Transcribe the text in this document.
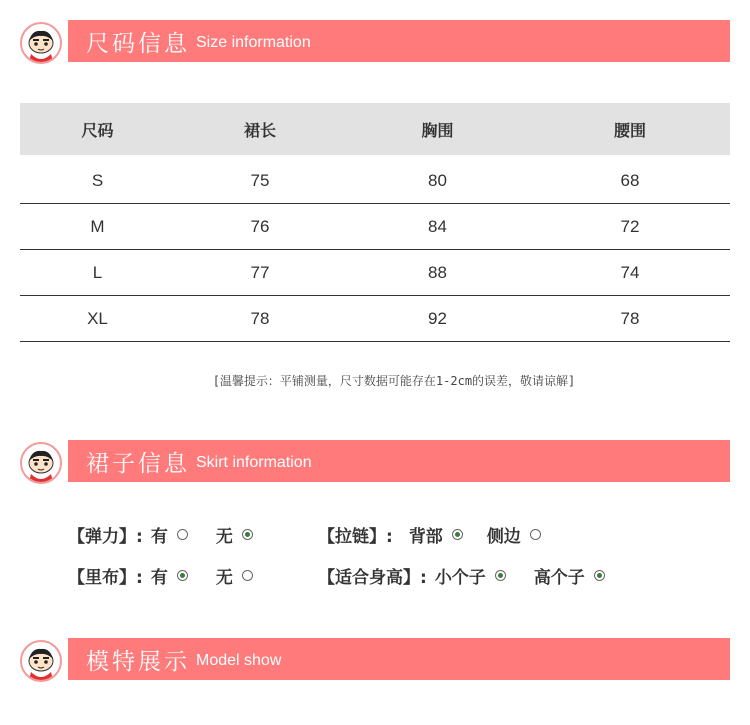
尺码信息 Size information
尺码	裙长	胸围	腰围
S	75	80	68
M	76	84	72
L	77	88	74
XL	78	92	78
[温馨提示：平铺测量，尺寸数据可能存在1-2cm的误差，敬请谅解]
裙子信息 Skirt information
【弹力】: 有	无	【拉链】: 背部	侧边
【里布】: 有	无	【适合身高】: 小个子	高个子
模特展示 Model show
